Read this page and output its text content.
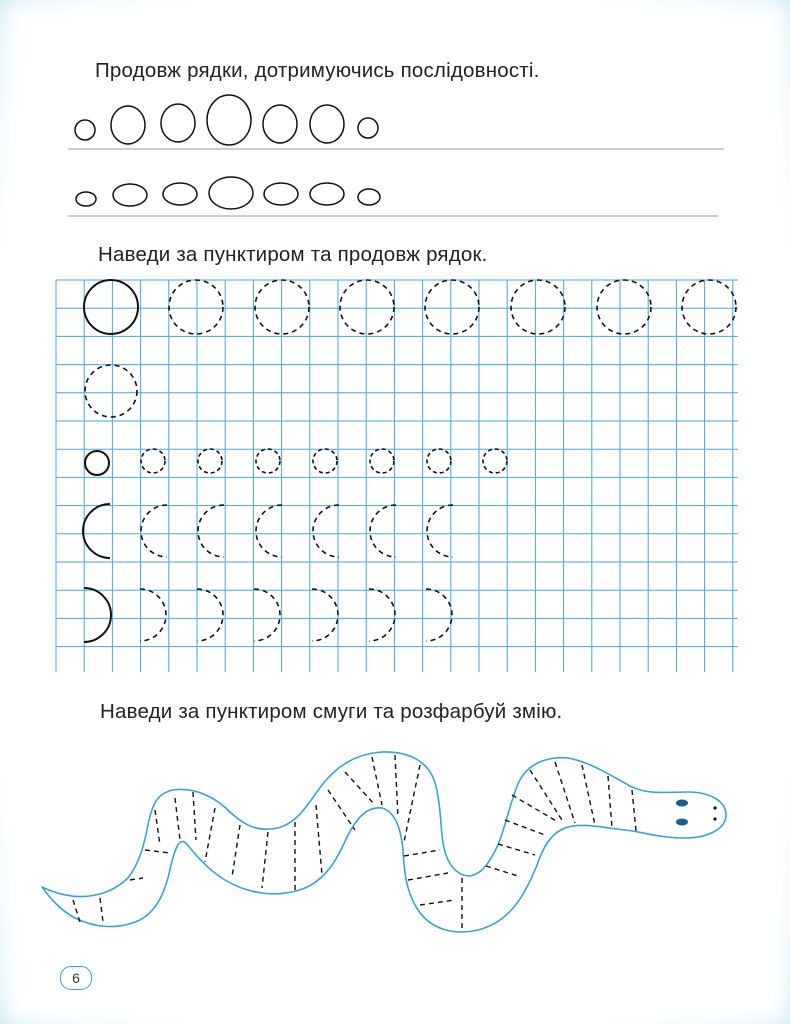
Продовж рядки, дотримуючись послідовності.
Наведи за пунктиром та продовж рядок.
Наведи за пунктиром смуги та розфарбуй змію.
6
